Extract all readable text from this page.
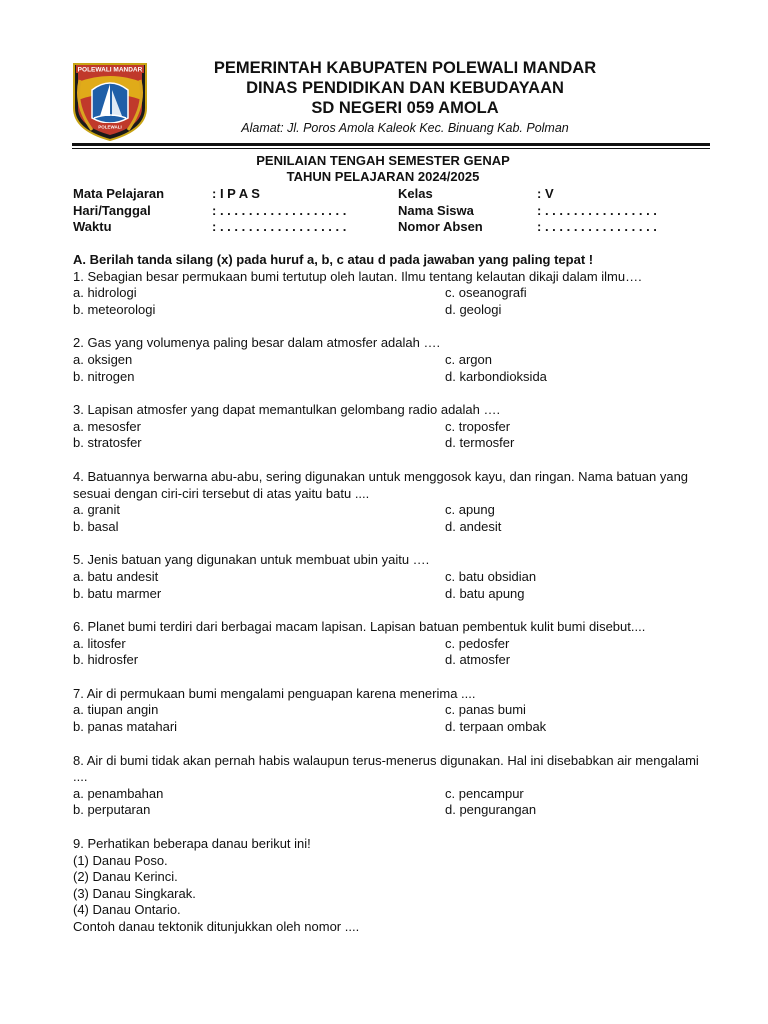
POLEWALI MANDAR
POLEWALI
PEMERINTAH KABUPATEN POLEWALI MANDAR
DINAS PENDIDIKAN DAN KEBUDAYAAN
SD NEGERI 059 AMOLA
Alamat: Jl. Poros Amola Kaleok Kec. Binuang Kab. Polman
PENILAIAN TENGAH SEMESTER GENAP
TAHUN PELAJARAN 2024/2025
Mata Pelajaran	: I P A S	Kelas	: V
Hari/Tanggal	: . . . . . . . . . . . . . . . . . .	Nama Siswa	: . . . . . . . . . . . . . . . .
Waktu	: . . . . . . . . . . . . . . . . . .	Nomor Absen	: . . . . . . . . . . . . . . . .
A. Berilah tanda silang (x) pada huruf a, b, c atau d pada jawaban yang paling tepat !
1. Sebagian besar permukaan bumi tertutup oleh lautan. Ilmu tentang kelautan dikaji dalam ilmu….
a. hidrologi	c. oseanografi
b. meteorologi	d. geologi
2. Gas yang volumenya paling besar dalam atmosfer adalah ….
a. oksigen	c. argon
b. nitrogen	d. karbondioksida
3. Lapisan atmosfer yang dapat memantulkan gelombang radio adalah ….
a. mesosfer	c. troposfer
b. stratosfer	d. termosfer
4. Batuannya berwarna abu-abu, sering digunakan untuk menggosok kayu, dan ringan. Nama batuan yang sesuai dengan ciri-ciri tersebut di atas yaitu batu ....
a. granit	c. apung
b. basal	d. andesit
5. Jenis batuan yang digunakan untuk membuat ubin yaitu ….
a. batu andesit	c. batu obsidian
b. batu marmer	d. batu apung
6. Planet bumi terdiri dari berbagai macam lapisan. Lapisan batuan pembentuk kulit bumi disebut....
a. litosfer	c. pedosfer
b. hidrosfer	d. atmosfer
7. Air di permukaan bumi mengalami penguapan karena menerima ....
a. tiupan angin	c. panas bumi
b. panas matahari	d. terpaan ombak
8. Air di bumi tidak akan pernah habis walaupun terus-menerus digunakan. Hal ini disebabkan air mengalami ....
a. penambahan	c. pencampur
b. perputaran	d. pengurangan
9. Perhatikan beberapa danau berikut ini!
(1) Danau Poso.
(2) Danau Kerinci.
(3) Danau Singkarak.
(4) Danau Ontario.
Contoh danau tektonik ditunjukkan oleh nomor ....
